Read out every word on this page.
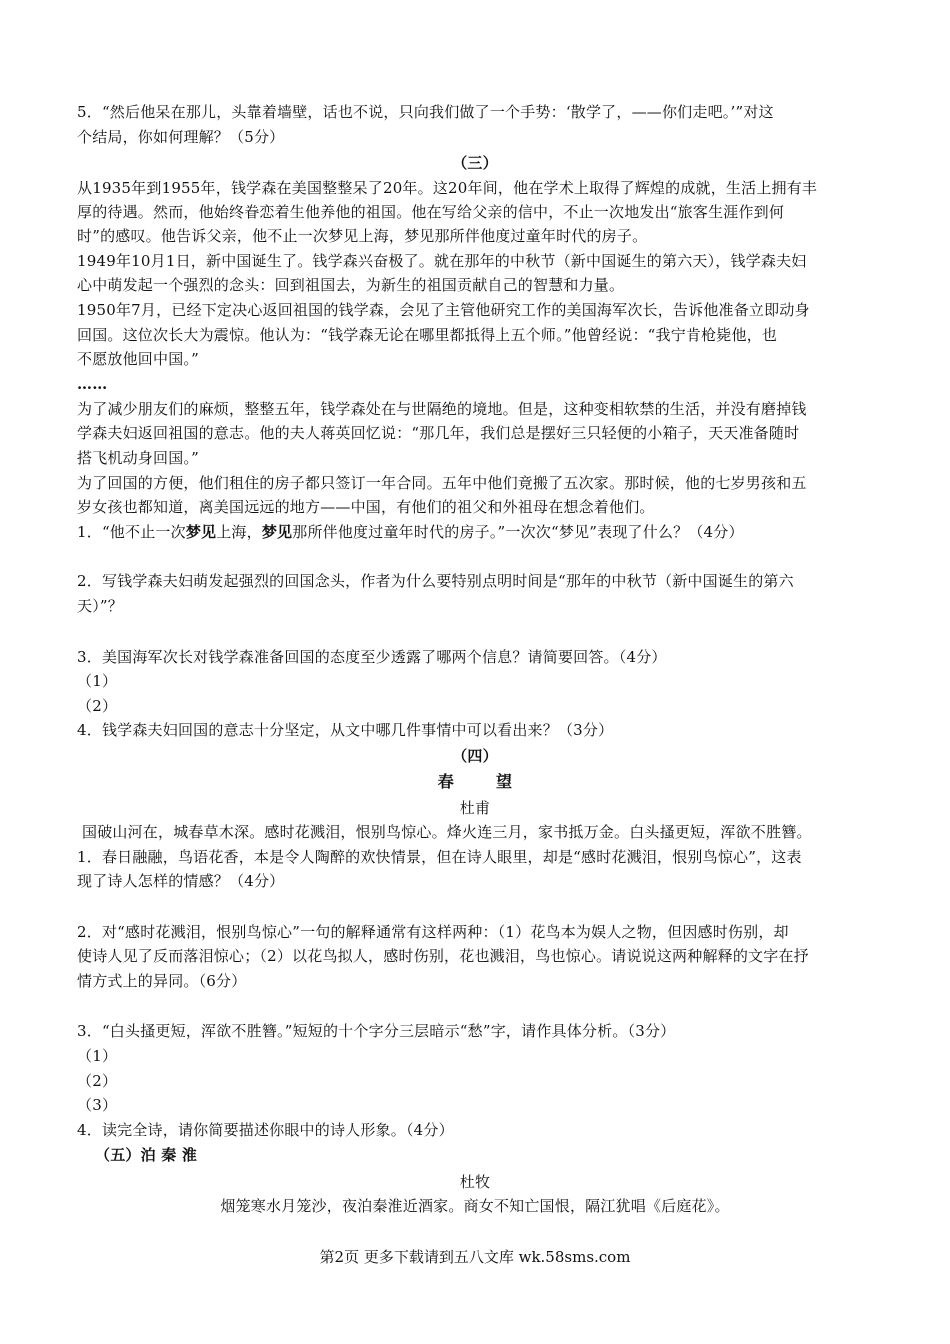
5．“然后他呆在那儿，头靠着墙壁，话也不说，只向我们做了一个手势：‘散学了，——你们走吧。’”对这
个结局，你如何理解？（5分）
（三）
从1935年到1955年，钱学森在美国整整呆了20年。这20年间，他在学术上取得了辉煌的成就，生活上拥有丰
厚的待遇。然而，他始终眷恋着生他养他的祖国。他在写给父亲的信中，不止一次地发出“旅客生涯作到何
时”的感叹。他告诉父亲，他不止一次梦见上海，梦见那所伴他度过童年时代的房子。
1949年10月1日，新中国诞生了。钱学森兴奋极了。就在那年的中秋节（新中国诞生的第六天），钱学森夫妇
心中萌发起一个强烈的念头：回到祖国去，为新生的祖国贡献自己的智慧和力量。
1950年7月，已经下定决心返回祖国的钱学森，会见了主管他研究工作的美国海军次长，告诉他准备立即动身
回国。这位次长大为震惊。他认为：“钱学森无论在哪里都抵得上五个师。”他曾经说：“我宁肯枪毙他，也
不愿放他回中国。”
……
为了减少朋友们的麻烦，整整五年，钱学森处在与世隔绝的境地。但是，这种变相软禁的生活，并没有磨掉钱
学森夫妇返回祖国的意志。他的夫人蒋英回忆说：“那几年，我们总是摆好三只轻便的小箱子，天天准备随时
搭飞机动身回国。”
为了回国的方便，他们租住的房子都只签订一年合同。五年中他们竟搬了五次家。那时候，他的七岁男孩和五
岁女孩也都知道，离美国远远的地方——中国，有他们的祖父和外祖母在想念着他们。
1．“他不止一次梦见上海，梦见那所伴他度过童年时代的房子。”一次次“梦见”表现了什么？（4分）
2．写钱学森夫妇萌发起强烈的回国念头，作者为什么要特别点明时间是“那年的中秋节（新中国诞生的第六
天）”？
3．美国海军次长对钱学森准备回国的态度至少透露了哪两个信息？请简要回答。（4分）
（1）
（2）
4．钱学森夫妇回国的意志十分坚定，从文中哪几件事情中可以看出来？（3分）
（四）
春	望
杜甫
国破山河在，城春草木深。感时花溅泪，恨别鸟惊心。烽火连三月，家书抵万金。白头搔更短，浑欲不胜簪。
1．春日融融，鸟语花香，本是令人陶醉的欢快情景，但在诗人眼里，却是“感时花溅泪，恨别鸟惊心”，这表
现了诗人怎样的情感？（4分）
2．对“感时花溅泪，恨别鸟惊心”一句的解释通常有这样两种：（1）花鸟本为娱人之物，但因感时伤别，却
使诗人见了反而落泪惊心；（2）以花鸟拟人，感时伤别，花也溅泪，鸟也惊心。请说说这两种解释的文字在抒
情方式上的异同。（6分）
3．“白头搔更短，浑欲不胜簪。”短短的十个字分三层暗示“愁”字，请作具体分析。（3分）
（1）
（2）
（3）
4．读完全诗，请你简要描述你眼中的诗人形象。（4分）
（五）泊 秦 淮
杜牧
烟笼寒水月笼沙，夜泊秦淮近酒家。商女不知亡国恨，隔江犹唱《后庭花》。
第2页 更多下载请到五八文库 wk.58sms.com
